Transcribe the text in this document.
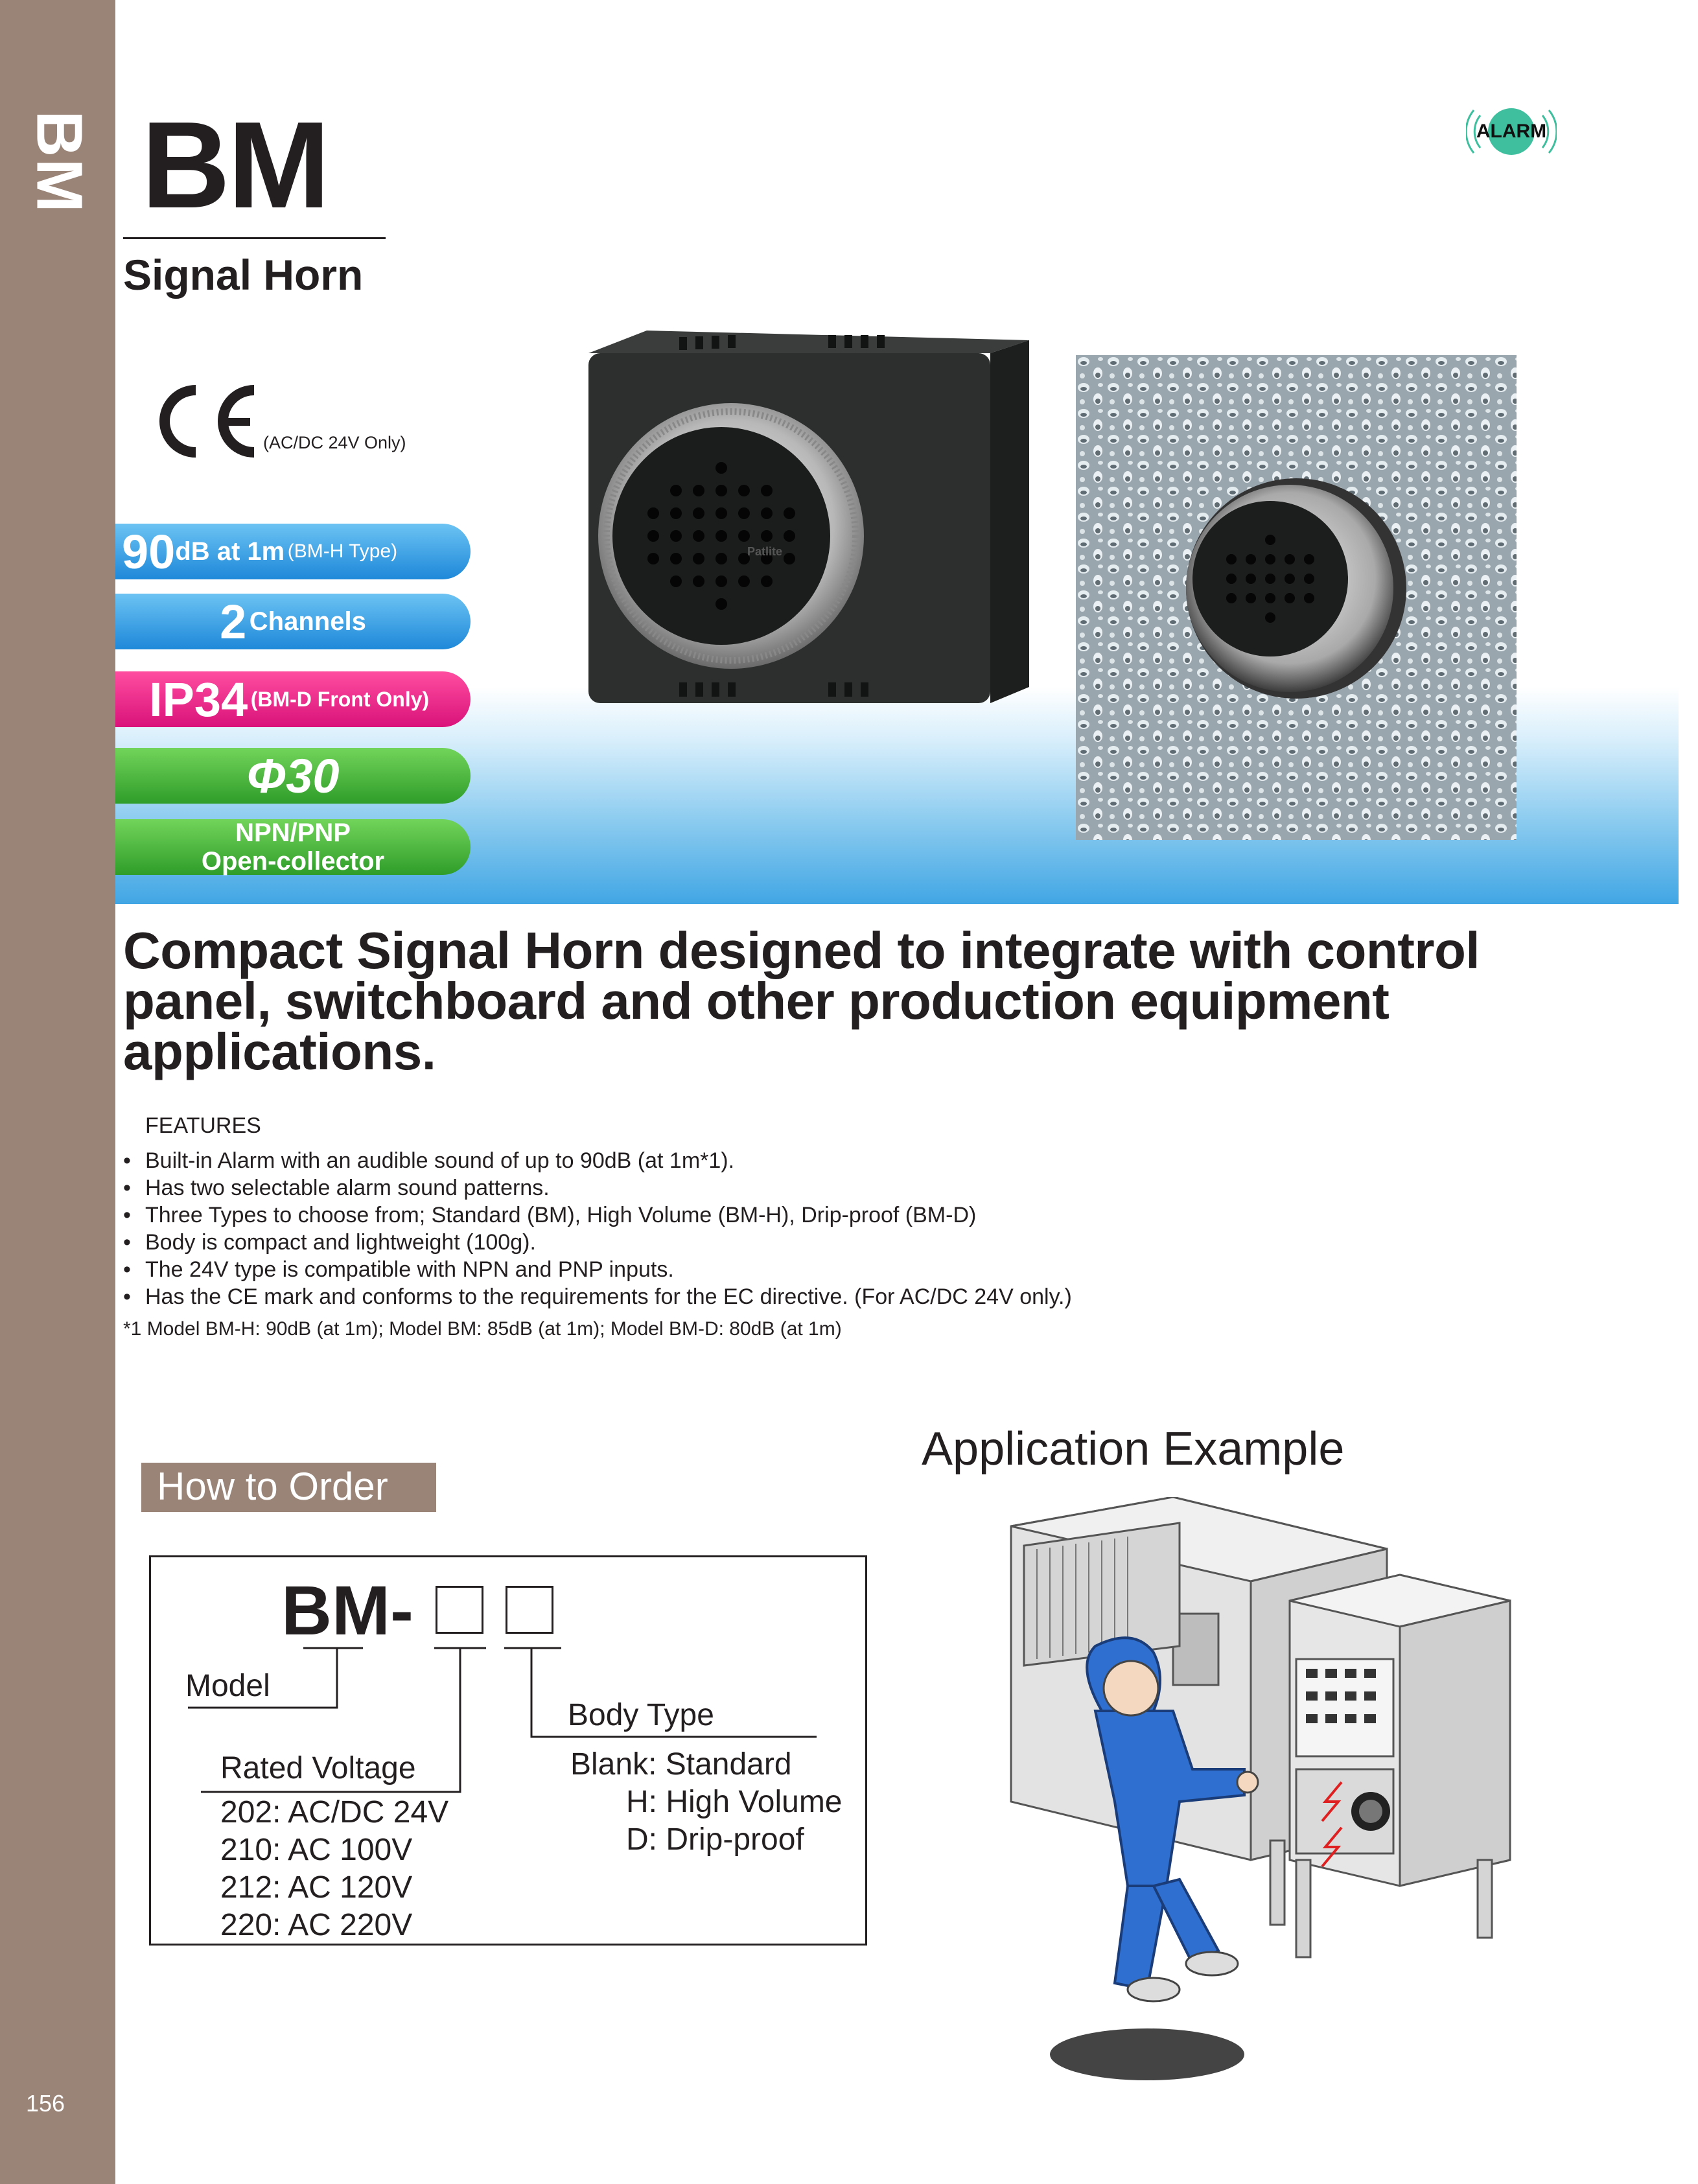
BM
156
BM
Signal Horn
(AC/DC 24V Only)
ALARM
90 dB at 1m
(BM-H Type)
2
Channels
IP34
(BM-D Front Only)
Φ30
NPN/PNP
Open-collector
Patlite
Compact Signal Horn designed to integrate with control panel, switchboard and other production equipment applications.
FEATURES
• Built-in Alarm with an audible sound of up to 90dB (at 1m*1).
• Has two selectable alarm sound patterns.
• Three Types to choose from; Standard (BM), High Volume (BM-H), Drip-proof (BM-D)
• Body is compact and lightweight (100g).
• The 24V type is compatible with NPN and PNP inputs.
• Has the CE mark and conforms to the requirements for the EC directive. (For AC/DC 24V only.)
*1 Model BM-H: 90dB (at 1m); Model BM: 85dB (at 1m); Model BM-D: 80dB (at 1m)
Application Example
How to Order
BM-
Model
Rated Voltage
202: AC/DC 24V
210: AC 100V
212: AC 120V
220: AC 220V
Body Type
Blank: Standard
H: High Volume
D: Drip-proof
